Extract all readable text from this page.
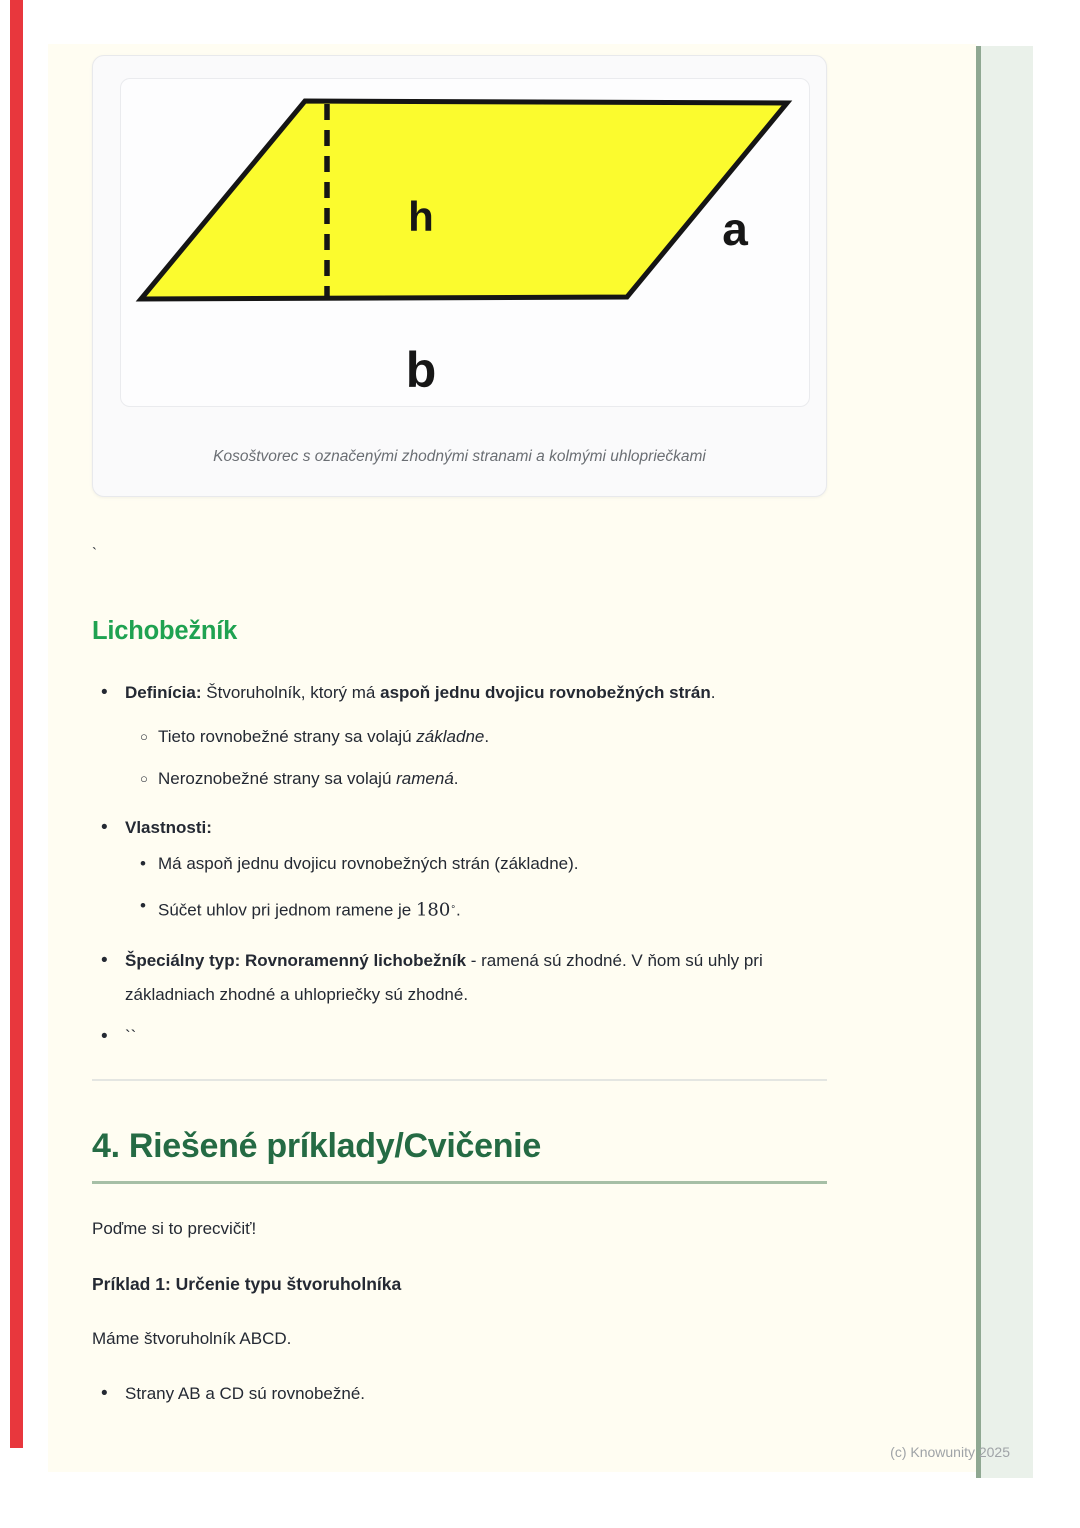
h	a
b
Kosoštvorec s označenými zhodnými stranami a kolmými uhlopriečkami
`
Lichobežník
•	Definícia: Štvoruholník, ktorý má aspoň jednu dvojicu rovnobežných strán.
○ Tieto rovnobežné strany sa volajú základne.
○ Neroznobežné strany sa volajú ramená.
•	Vlastnosti:
• Má aspoň jednu dvojicu rovnobežných strán (základne).
• Súčet uhlov pri jednom ramene je 180∘.
•	Špeciálny typ: Rovnoramenný lichobežník - ramená sú zhodné. V ňom sú uhly pri základniach zhodné a uhlopriečky sú zhodné.
•	``
4. Riešené príklady/Cvičenie

Poďme si to precvičiť!

Príklad 1: Určenie typu štvoruholníka

Máme štvoruholník ABCD.

•	Strany AB a CD sú rovnobežné.
(c) Knowunity 2025
